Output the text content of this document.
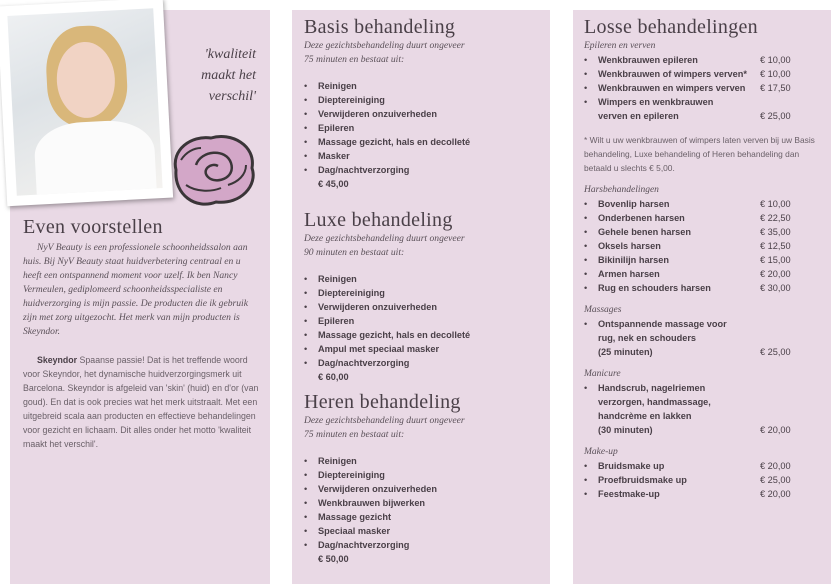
'kwaliteit maakt het verschil'
Even voorstellen

NyV Beauty is een professionele schoonheidssalon aan huis. Bij NyV Beauty staat huidverbetering centraal en u heeft een ontspannend moment voor uzelf. Ik ben Nancy Vermeulen, gediplomeerd schoonheidsspecialiste en huidverzorging is mijn passie. De producten die ik gebruik zijn met zorg uitgezocht. Het merk van mijn producten is Skeyndor.

Skeyndor Spaanse passie! Dat is het treffende woord voor Skeyndor, het dynamische huidverzorgingsmerk uit Barcelona. Skeyndor is afgeleid van 'skin' (huid) en d'or (van goud). En dat is ook precies wat het merk uitstraalt. Met een uitgebreid scala aan producten en effectieve behandelingen voor gezicht en lichaam. Dit alles onder het motto 'kwaliteit maakt het verschil'.

Basis behandeling

Deze gezichtsbehandeling duurt ongeveer 75 minuten en bestaat uit:

• Reinigen
• Dieptereiniging
• Verwijderen onzuiverheden
• Epileren
• Massage gezicht, hals en decolleté
• Masker
• Dag/nachtverzorging
€ 45,00
Luxe behandeling

Deze gezichtsbehandeling duurt ongeveer 90 minuten en bestaat uit:

• Reinigen
• Dieptereiniging
• Verwijderen onzuiverheden
• Epileren
• Massage gezicht, hals en decolleté
• Ampul met speciaal masker
• Dag/nachtverzorging
€ 60,00
Heren behandeling

Deze gezichtsbehandeling duurt ongeveer 75 minuten en bestaat uit:

• Reinigen
• Dieptereiniging
• Verwijderen onzuiverheden
• Wenkbrauwen bijwerken
• Massage gezicht
• Speciaal masker
• Dag/nachtverzorging
€ 50,00
Losse behandelingen
Epileren en verven
• Wenkbrauwen epileren	€ 10,00
• Wenkbrauwen of wimpers verven* € 10,00
• Wenkbrauwen en wimpers verven € 17,50
• Wimpers en wenkbrauwen
verven en epileren	€ 25,00

* Wilt u uw wenkbrauwen of wimpers laten verven bij uw Basis behandeling, Luxe behandeling of Heren behandeling dan betaald u slechts € 5,00.

Harsbehandelingen
• Bovenlip harsen	€ 10,00
• Onderbenen harsen	€ 22,50
• Gehele benen harsen	€ 35,00
• Oksels harsen	€ 12,50
• Bikinilijn harsen	€ 15,00
• Armen harsen	€ 20,00
• Rug en schouders harsen	€ 30,00
Massages
• Ontspannende massage voor
rug, nek en schouders
(25 minuten)	€ 25,00
Manicure
• Handscrub, nagelriemen
verzorgen, handmassage,
handcrème en lakken
(30 minuten)	€ 20,00
Make-up
• Bruidsmake up	€ 20,00
• Proefbruidsmake up	€ 25,00
• Feestmake-up	€ 20,00
